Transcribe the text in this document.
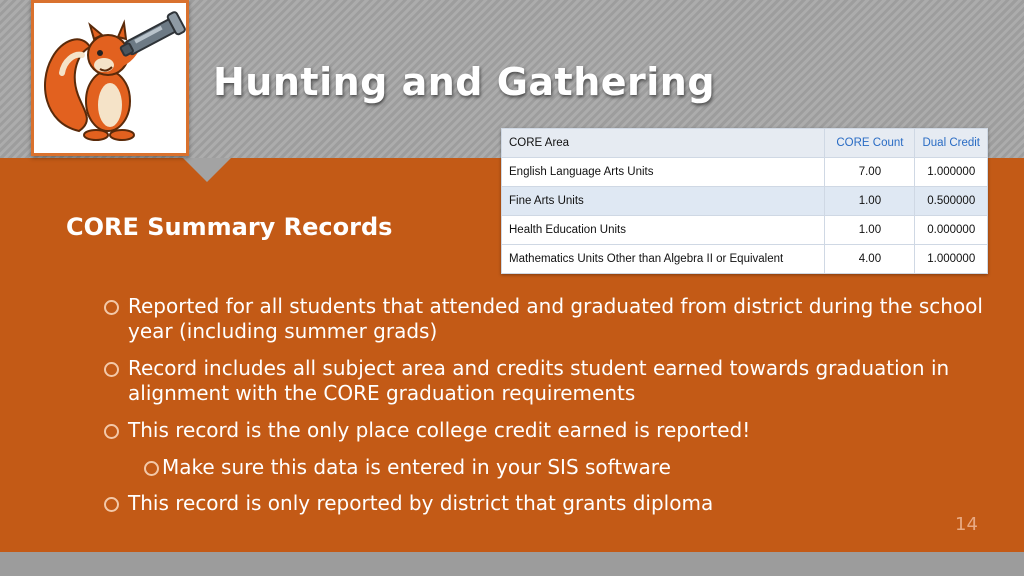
Hunting and Gathering
CORE Summary Records
CORE Area	CORE Count	Dual Credit
English Language Arts Units	7.00	1.000000
Fine Arts Units	1.00	0.500000
Health Education Units	1.00	0.000000
Mathematics Units Other than Algebra II or Equivalent	4.00	1.000000
Reported for all students that attended and graduated from district during the school year (including summer grads)
Record includes all subject area and credits student earned towards graduation in alignment with the CORE graduation requirements
This record is the only place college credit earned is reported!
Make sure this data is entered in your SIS software
This record is only reported by district that grants diploma
14
